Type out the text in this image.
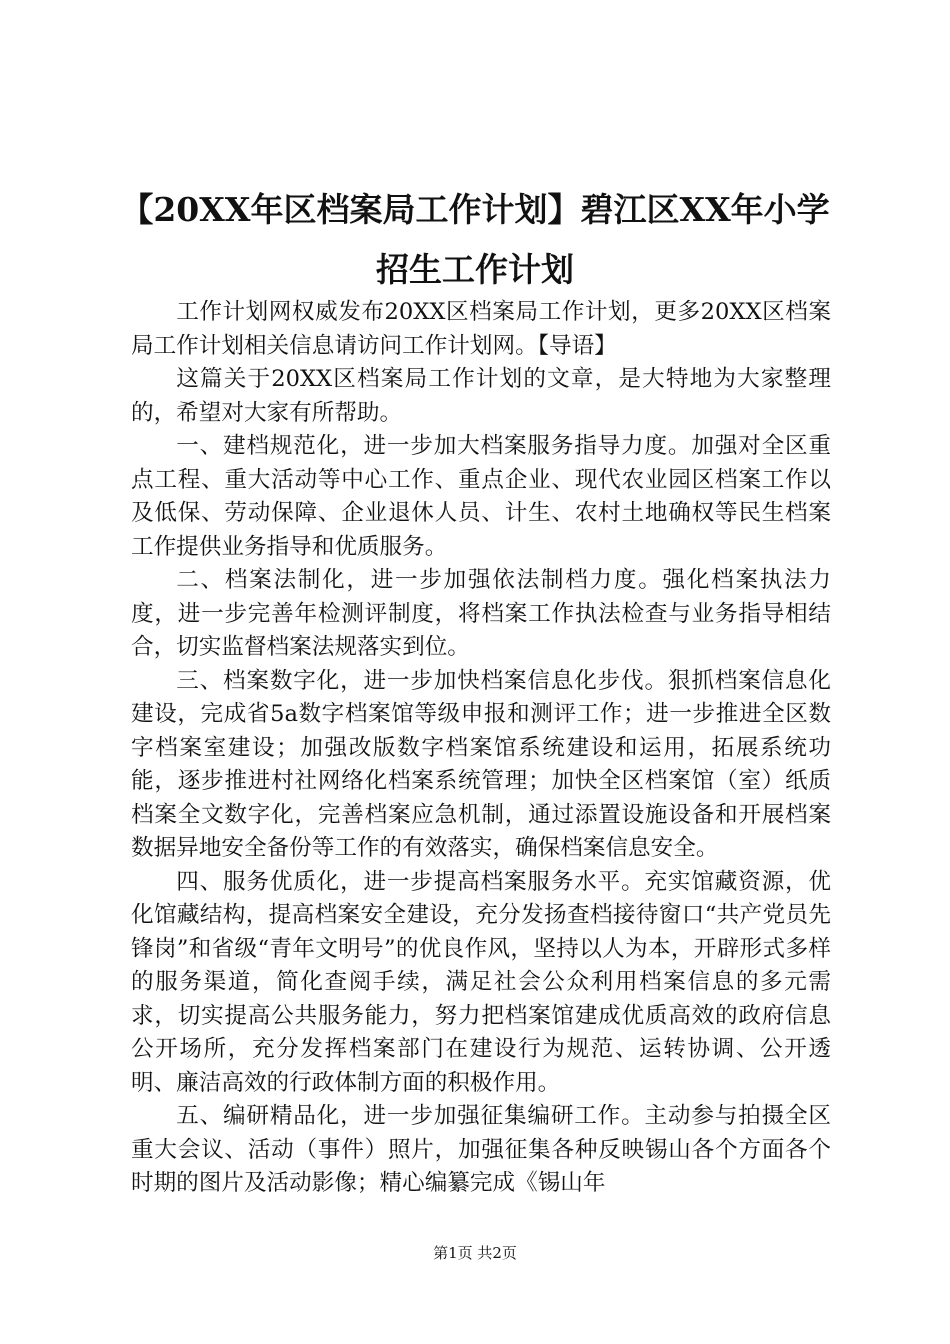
【20XX年区档案局工作计划】碧江区XX年小学招生工作计划

工作计划网权威发布20XX区档案局工作计划，更多20XX区档案局工作计划相关信息请访问工作计划网。【导语】

这篇关于20XX区档案局工作计划的文章，是大特地为大家整理的，希望对大家有所帮助。

一、建档规范化，进一步加大档案服务指导力度。加强对全区重点工程、重大活动等中心工作、重点企业、现代农业园区档案工作以及低保、劳动保障、企业退休人员、计生、农村土地确权等民生档案工作提供业务指导和优质服务。

二、档案法制化，进一步加强依法制档力度。强化档案执法力度，进一步完善年检测评制度，将档案工作执法检查与业务指导相结合，切实监督档案法规落实到位。

三、档案数字化，进一步加快档案信息化步伐。狠抓档案信息化建设，完成省5a数字档案馆等级申报和测评工作；进一步推进全区数字档案室建设；加强改版数字档案馆系统建设和运用，拓展系统功能，逐步推进村社网络化档案系统管理；加快全区档案馆（室）纸质档案全文数字化，完善档案应急机制，通过添置设施设备和开展档案数据异地安全备份等工作的有效落实，确保档案信息安全。

四、服务优质化，进一步提高档案服务水平。充实馆藏资源，优化馆藏结构，提高档案安全建设，充分发扬查档接待窗口“共产党员先锋岗”和省级“青年文明号”的优良作风，坚持以人为本，开辟形式多样的服务渠道，简化查阅手续，满足社会公众利用档案信息的多元需求，切实提高公共服务能力，努力把档案馆建成优质高效的政府信息公开场所，充分发挥档案部门在建设行为规范、运转协调、公开透明、廉洁高效的行政体制方面的积极作用。

五、编研精品化，进一步加强征集编研工作。主动参与拍摄全区重大会议、活动（事件）照片，加强征集各种反映锡山各个方面各个时期的图片及活动影像；精心编纂完成《锡山年

第1页 共2页
